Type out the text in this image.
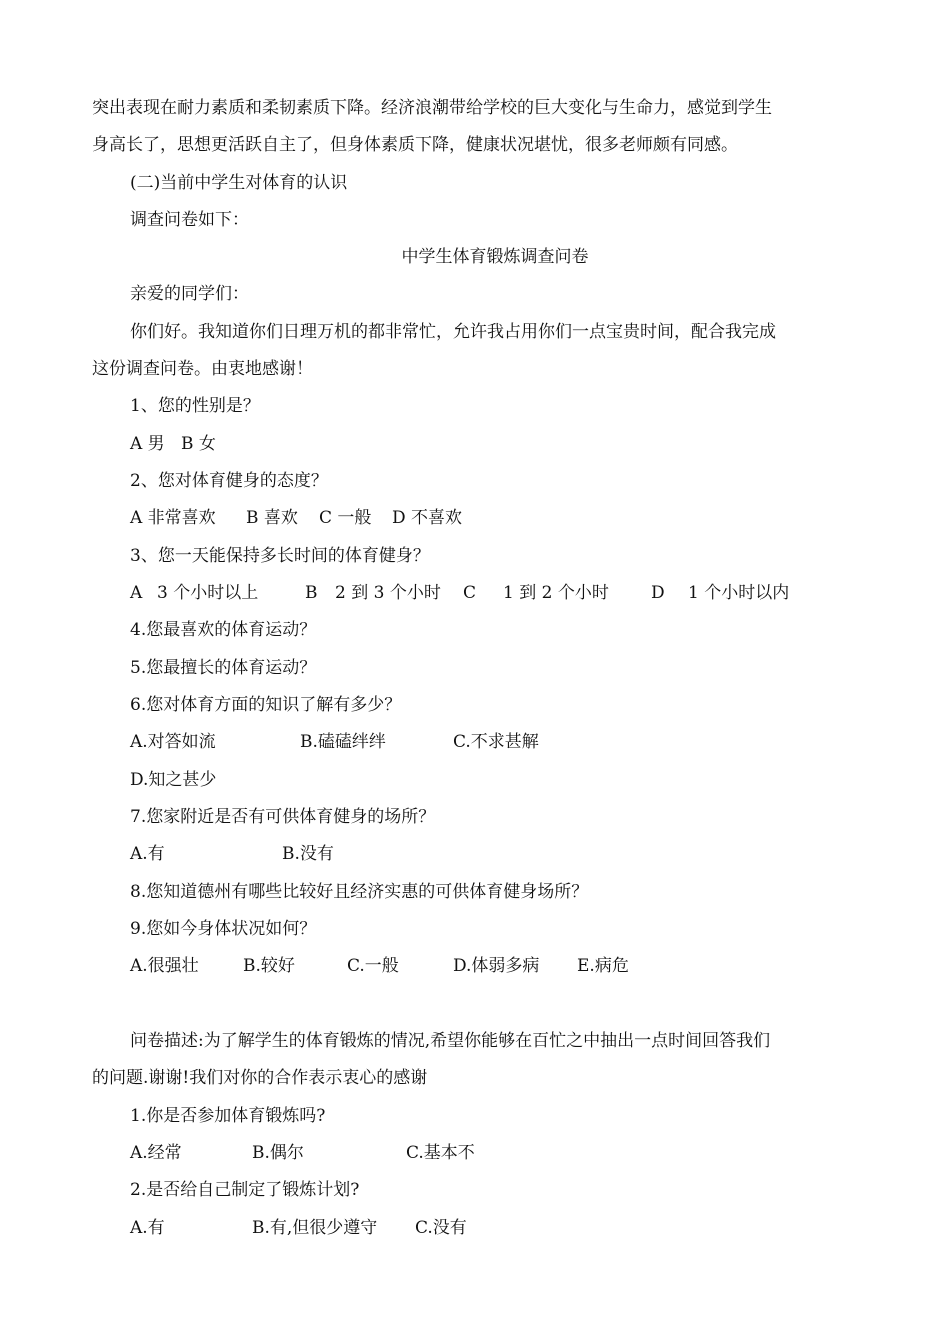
突出表现在耐力素质和柔韧素质下降。经济浪潮带给学校的巨大变化与生命力，感觉到学生
身高长了，思想更活跃自主了，但身体素质下降，健康状况堪忧，很多老师颇有同感。
(二)当前中学生对体育的认识
调查问卷如下：
中学生体育锻炼调查问卷
亲爱的同学们：
你们好。我知道你们日理万机的都非常忙，允许我占用你们一点宝贵时间，配合我完成
这份调查问卷。由衷地感谢！
1、您的性别是？
A 男 B 女
2、您对体育健身的态度？
A 非常喜欢 B 喜欢 C 一般 D 不喜欢
3、您一天能保持多长时间的体育健身？
A 3 个小时以上	B 2 到 3 个小时 C 1 到 2 个小时 D 1 个小时以内
4.您最喜欢的体育运动？
5.您最擅长的体育运动？
6.您对体育方面的知识了解有多少？
A.对答如流	B.磕磕绊绊	C.不求甚解
D.知之甚少
7.您家附近是否有可供体育健身的场所？
A.有	B.没有
8.您知道德州有哪些比较好且经济实惠的可供体育健身场所？
9.您如今身体状况如何？
A.很强壮	B.较好	C.一般	D.体弱多病 E.病危
问卷描述:为了解学生的体育锻炼的情况,希望你能够在百忙之中抽出一点时间回答我们
的问题.谢谢!我们对你的合作表示衷心的感谢
1.你是否参加体育锻炼吗?
A.经常	B.偶尔	C.基本不
2.是否给自己制定了锻炼计划?
A.有	B.有,但很少遵守 C.没有
